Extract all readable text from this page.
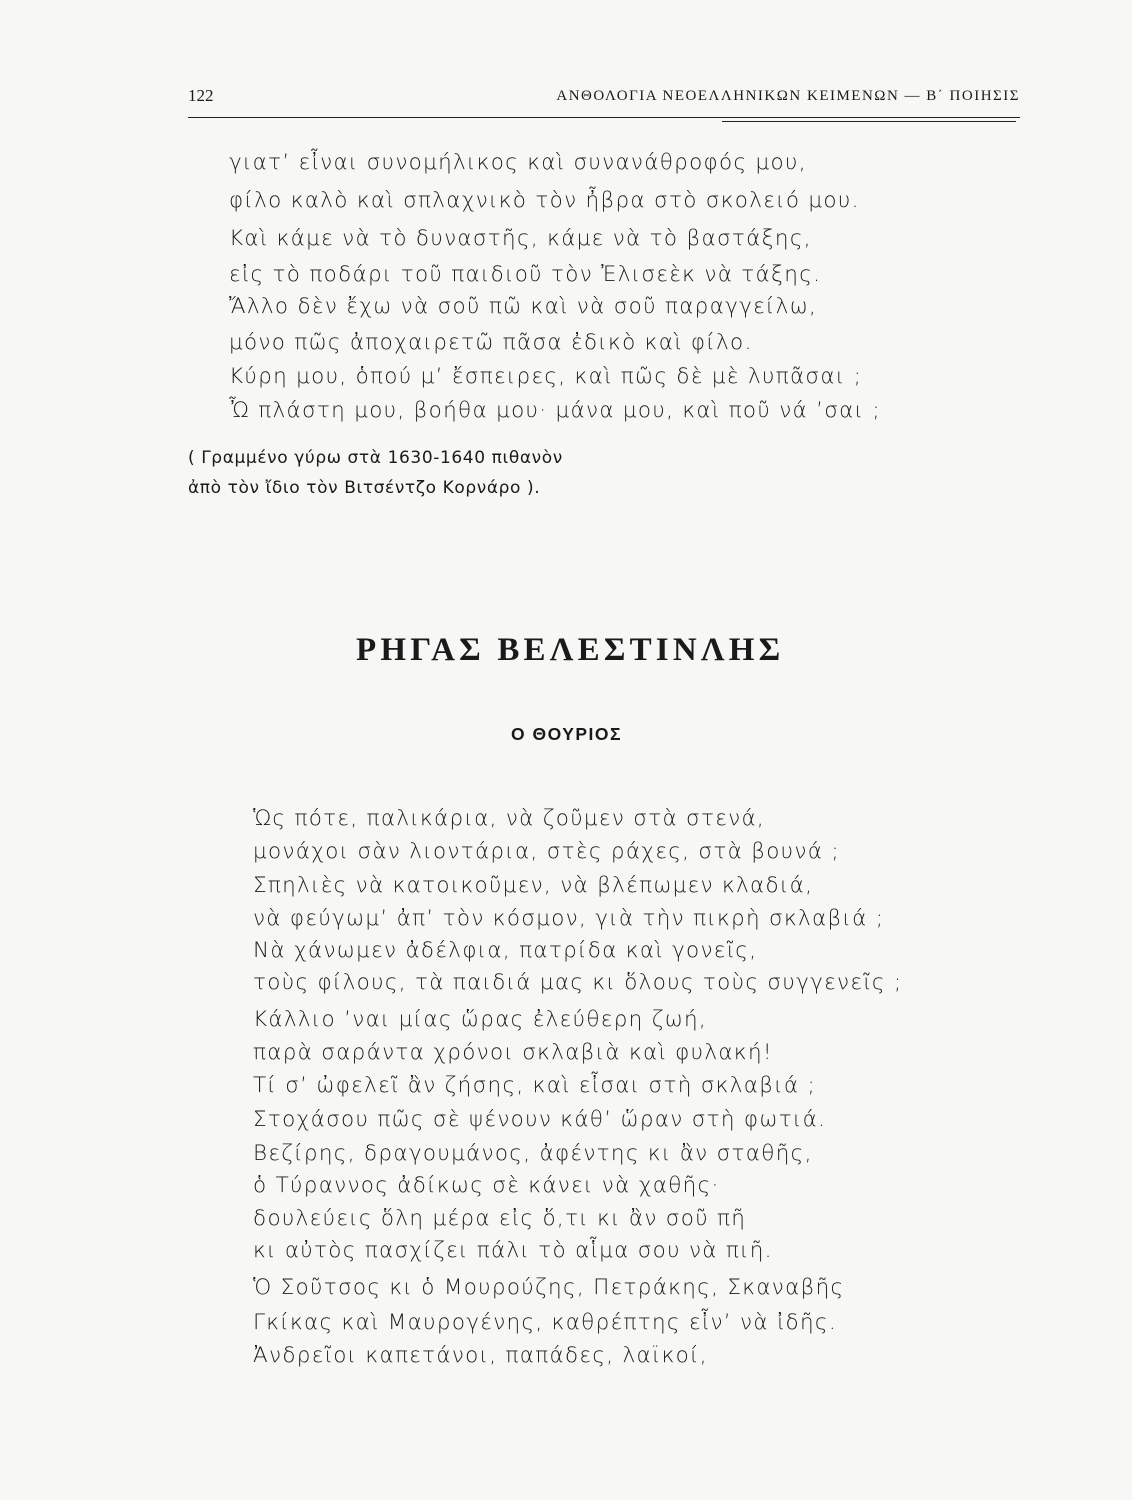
122	ΑΝΘΟΛΟΓΙΑ ΝΕΟΕΛΛΗΝΙΚΩΝ ΚΕΙΜΕΝΩΝ — Β΄ ΠΟΙΗΣΙΣ
γιατ’ εἶναι συνομήλικος καὶ συνανάθροφός μου,
φίλο καλὸ καὶ σπλαχνικὸ τὸν ἦβρα στὸ σκολειό μου.
Καὶ κάμε νὰ τὸ δυναστῆς, κάμε νὰ τὸ βαστάξης,
εἰς τὸ ποδάρι τοῦ παιδιοῦ τὸν Ἐλισεὲκ νὰ τάξης.
Ἄλλο δὲν ἔχω νὰ σοῦ πῶ καὶ νὰ σοῦ παραγγείλω,
μόνο πῶς ἀποχαιρετῶ πᾶσα ἐδικὸ καὶ φίλο.
Κύρη μου, ὁπού μ’ ἔσπειρες, καὶ πῶς δὲ μὲ λυπᾶσαι ;
Ὦ πλάστη μου, βοήθα μου· μάνα μου, καὶ ποῦ νά ’σαι ;
( Γραμμένο γύρω στὰ 1630-1640 πιθανὸν
ἀπὸ τὸν ἴδιο τὸν Βιτσέντζο Κορνάρο ).
ΡΗΓΑΣ ΒΕΛΕΣΤΙΝΛΗΣ
Ο ΘΟΥΡΙΟΣ
Ὡς πότε, παλικάρια, νὰ ζοῦμεν στὰ στενά,
μονάχοι σὰν λιοντάρια, στὲς ράχες, στὰ βουνά ;
Σπηλιὲς νὰ κατοικοῦμεν, νὰ βλέπωμεν κλαδιά,
νὰ φεύγωμ’ ἀπ’ τὸν κόσμον, γιὰ τὴν πικρὴ σκλαβιά ;
Νὰ χάνωμεν ἀδέλφια, πατρίδα καὶ γονεῖς,
τοὺς φίλους, τὰ παιδιά μας κι ὅλους τοὺς συγγενεῖς ;
Κάλλιο ’ναι μίας ὥρας ἐλεύθερη ζωή,
παρὰ σαράντα χρόνοι σκλαβιὰ καὶ φυλακή!
Τί σ’ ὠφελεῖ ἂν ζήσης, καὶ εἶσαι στὴ σκλαβιά ;
Στοχάσου πῶς σὲ ψένουν κάθ’ ὥραν στὴ φωτιά.
Βεζίρης, δραγουμάνος, ἀφέντης κι ἂν σταθῆς,
ὁ Τύραννος ἀδίκως σὲ κάνει νὰ χαθῆς·
δουλεύεις ὅλη μέρα εἰς ὅ,τι κι ἂν σοῦ πῆ
κι αὐτὸς πασχίζει πάλι τὸ αἷμα σου νὰ πιῆ.
Ὁ Σοῦτσος κι ὁ Μουρούζης, Πετράκης, Σκαναβῆς
Γκίκας καὶ Μαυρογένης, καθρέπτης εἶν’ νὰ ἰδῆς.
Ἀνδρεῖοι καπετάνοι, παπάδες, λαϊκοί,
